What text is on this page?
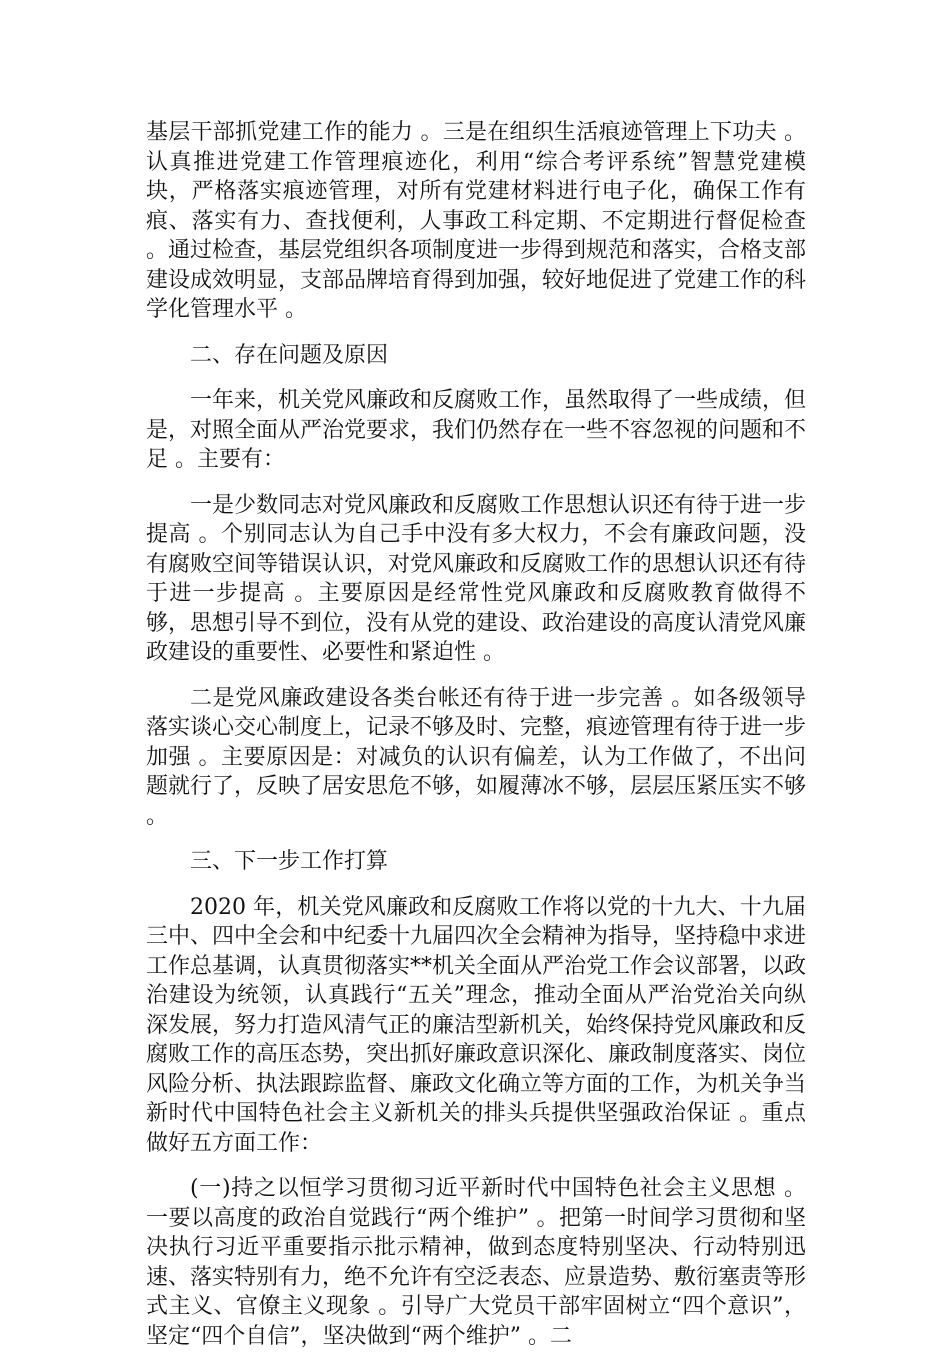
基层干部抓党建工作的能力 。三是在组织生活痕迹管理上下功夫 。认真推进党建工作管理痕迹化，利用“综合考评系统”智慧党建模块，严格落实痕迹管理，对所有党建材料进行电子化，确保工作有痕、落实有力、查找便利，人事政工科定期、不定期进行督促检查 。通过检查，基层党组织各项制度进一步得到规范和落实，合格支部建设成效明显，支部品牌培育得到加强，较好地促进了党建工作的科学化管理水平 。

二、存在问题及原因

一年来，机关党风廉政和反腐败工作，虽然取得了一些成绩，但是，对照全面从严治党要求，我们仍然存在一些不容忽视的问题和不足 。主要有：

一是少数同志对党风廉政和反腐败工作思想认识还有待于进一步提高 。个别同志认为自己手中没有多大权力，不会有廉政问题，没有腐败空间等错误认识，对党风廉政和反腐败工作的思想认识还有待于进一步提高 。主要原因是经常性党风廉政和反腐败教育做得不够，思想引导不到位，没有从党的建设、政治建设的高度认清党风廉政建设的重要性、必要性和紧迫性 。

二是党风廉政建设各类台帐还有待于进一步完善 。如各级领导落实谈心交心制度上，记录不够及时、完整，痕迹管理有待于进一步加强 。主要原因是：对减负的认识有偏差，认为工作做了，不出问题就行了，反映了居安思危不够，如履薄冰不够，层层压紧压实不够 。

三、下一步工作打算

2020 年，机关党风廉政和反腐败工作将以党的十九大、十九届三中、四中全会和中纪委十九届四次全会精神为指导，坚持稳中求进工作总基调，认真贯彻落实**机关全面从严治党工作会议部署，以政治建设为统领，认真践行“五关”理念，推动全面从严治党治关向纵深发展，努力打造风清气正的廉洁型新机关，始终保持党风廉政和反腐败工作的高压态势，突出抓好廉政意识深化、廉政制度落实、岗位风险分析、执法跟踪监督、廉政文化确立等方面的工作，为机关争当新时代中国特色社会主义新机关的排头兵提供坚强政治保证 。重点做好五方面工作：

(一)持之以恒学习贯彻习近平新时代中国特色社会主义思想 。一要以高度的政治自觉践行“两个维护” 。把第一时间学习贯彻和坚决执行习近平重要指示批示精神，做到态度特别坚决、行动特别迅速、落实特别有力，绝不允许有空泛表态、应景造势、敷衍塞责等形式主义、官僚主义现象 。引导广大党员干部牢固树立“四个意识”，坚定“四个自信”，坚决做到“两个维护” 。二
